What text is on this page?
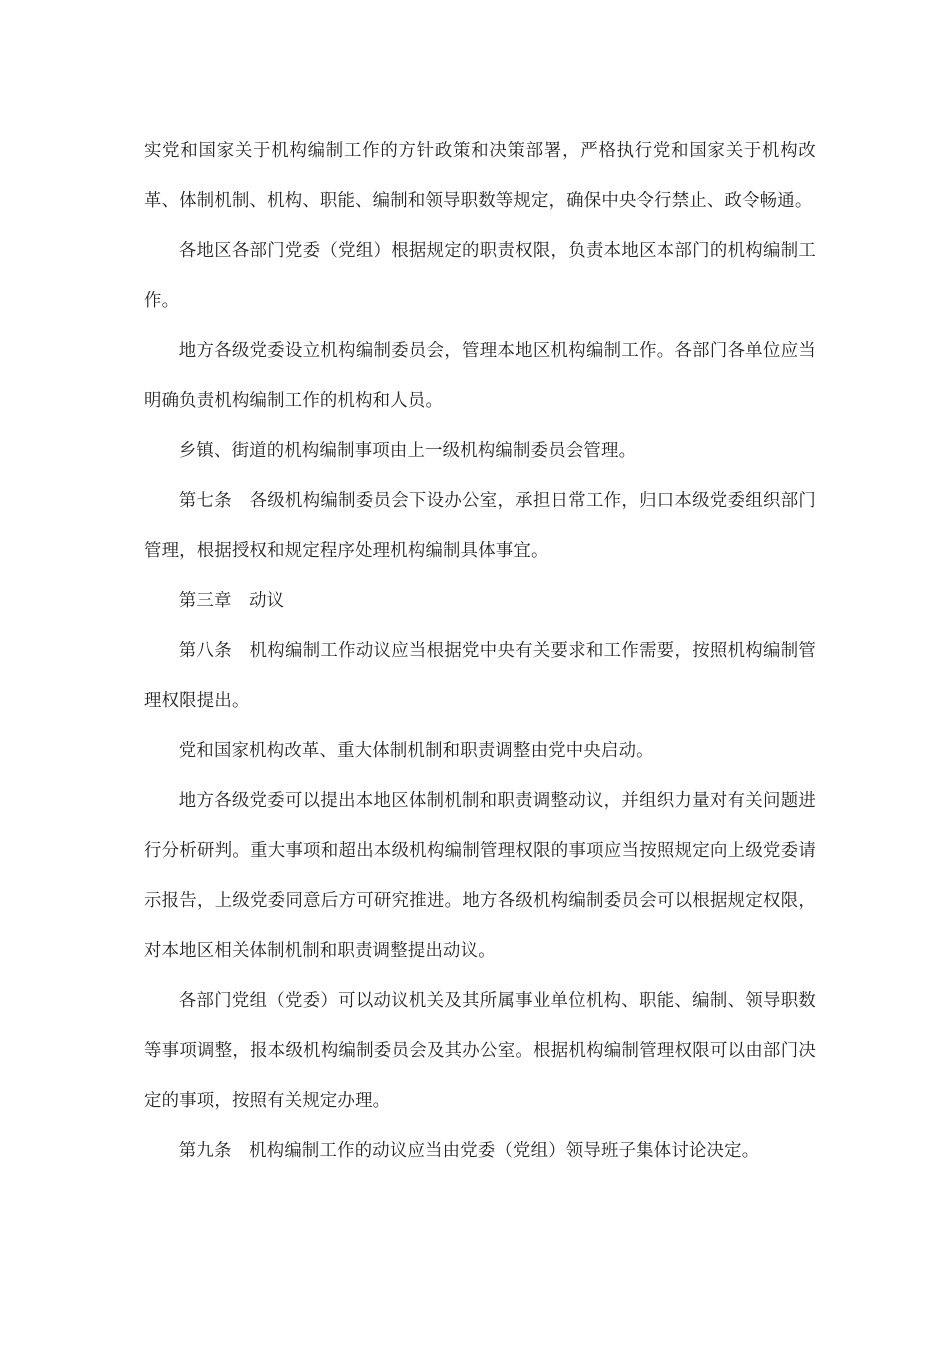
实党和国家关于机构编制工作的方针政策和决策部署，严格执行党和国家关于机构改革、体制机制、机构、职能、编制和领导职数等规定，确保中央令行禁止、政令畅通。

各地区各部门党委（党组）根据规定的职责权限，负责本地区本部门的机构编制工作。

地方各级党委设立机构编制委员会，管理本地区机构编制工作。各部门各单位应当明确负责机构编制工作的机构和人员。

乡镇、街道的机构编制事项由上一级机构编制委员会管理。

第七条　各级机构编制委员会下设办公室，承担日常工作，归口本级党委组织部门管理，根据授权和规定程序处理机构编制具体事宜。

第三章　动议

第八条　机构编制工作动议应当根据党中央有关要求和工作需要，按照机构编制管理权限提出。

党和国家机构改革、重大体制机制和职责调整由党中央启动。

地方各级党委可以提出本地区体制机制和职责调整动议，并组织力量对有关问题进行分析研判。重大事项和超出本级机构编制管理权限的事项应当按照规定向上级党委请示报告，上级党委同意后方可研究推进。地方各级机构编制委员会可以根据规定权限，对本地区相关体制机制和职责调整提出动议。

各部门党组（党委）可以动议机关及其所属事业单位机构、职能、编制、领导职数等事项调整，报本级机构编制委员会及其办公室。根据机构编制管理权限可以由部门决定的事项，按照有关规定办理。

第九条　机构编制工作的动议应当由党委（党组）领导班子集体讨论决定。
